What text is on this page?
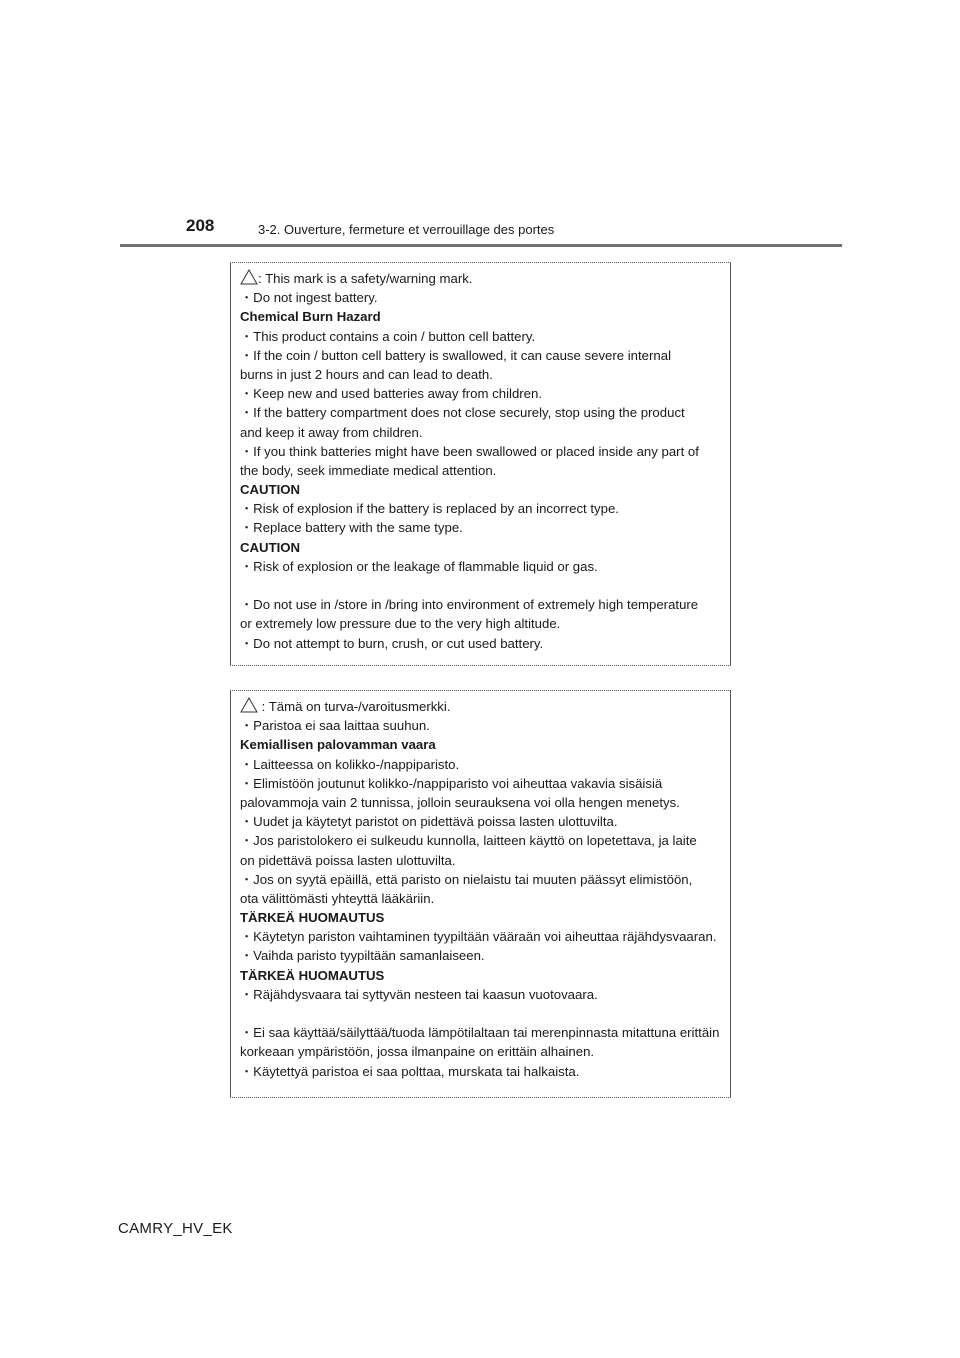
208	3-2. Ouverture, fermeture et verrouillage des portes
: This mark is a safety/warning mark.
・Do not ingest battery.
Chemical Burn Hazard
・This product contains a coin / button cell battery.
・If the coin / button cell battery is swallowed, it can cause severe internal
burns in just 2 hours and can lead to death.
・Keep new and used batteries away from children.
・If the battery compartment does not close securely, stop using the product
and keep it away from children.
・If you think batteries might have been swallowed or placed inside any part of
the body, seek immediate medical attention.
CAUTION
・Risk of explosion if the battery is replaced by an incorrect type.
・Replace battery with the same type.
CAUTION
・Risk of explosion or the leakage of flammable liquid or gas.
・Do not use in /store in /bring into environment of extremely high temperature
or extremely low pressure due to the very high altitude.
・Do not attempt to burn, crush, or cut used battery.
: Tämä on turva-/varoitusmerkki.
・Paristoa ei saa laittaa suuhun.
Kemiallisen palovamman vaara
・Laitteessa on kolikko-/nappiparisto.
・Elimistöön joutunut kolikko-/nappiparisto voi aiheuttaa vakavia sisäisiä
palovammoja vain 2 tunnissa, jolloin seurauksena voi olla hengen menetys.
・Uudet ja käytetyt paristot on pidettävä poissa lasten ulottuvilta.
・Jos paristolokero ei sulkeudu kunnolla, laitteen käyttö on lopetettava, ja laite
on pidettävä poissa lasten ulottuvilta.
・Jos on syytä epäillä, että paristo on nielaistu tai muuten päässyt elimistöön,
ota välittömästi yhteyttä lääkäriin.
TÄRKEÄ HUOMAUTUS
・Käytetyn pariston vaihtaminen tyypiltään vääraän voi aiheuttaa räjähdysvaaran.
・Vaihda paristo tyypiltään samanlaiseen.
TÄRKEÄ HUOMAUTUS
・Räjähdysvaara tai syttyvän nesteen tai kaasun vuotovaara.
・Ei saa käyttää/säilyttää/tuoda lämpötilaltaan tai merenpinnasta mitattuna erittäin
korkeaan ympäristöön, jossa ilmanpaine on erittäin alhainen.
・Käytettyä paristoa ei saa polttaa, murskata tai halkaista.
CAMRY_HV_EK
